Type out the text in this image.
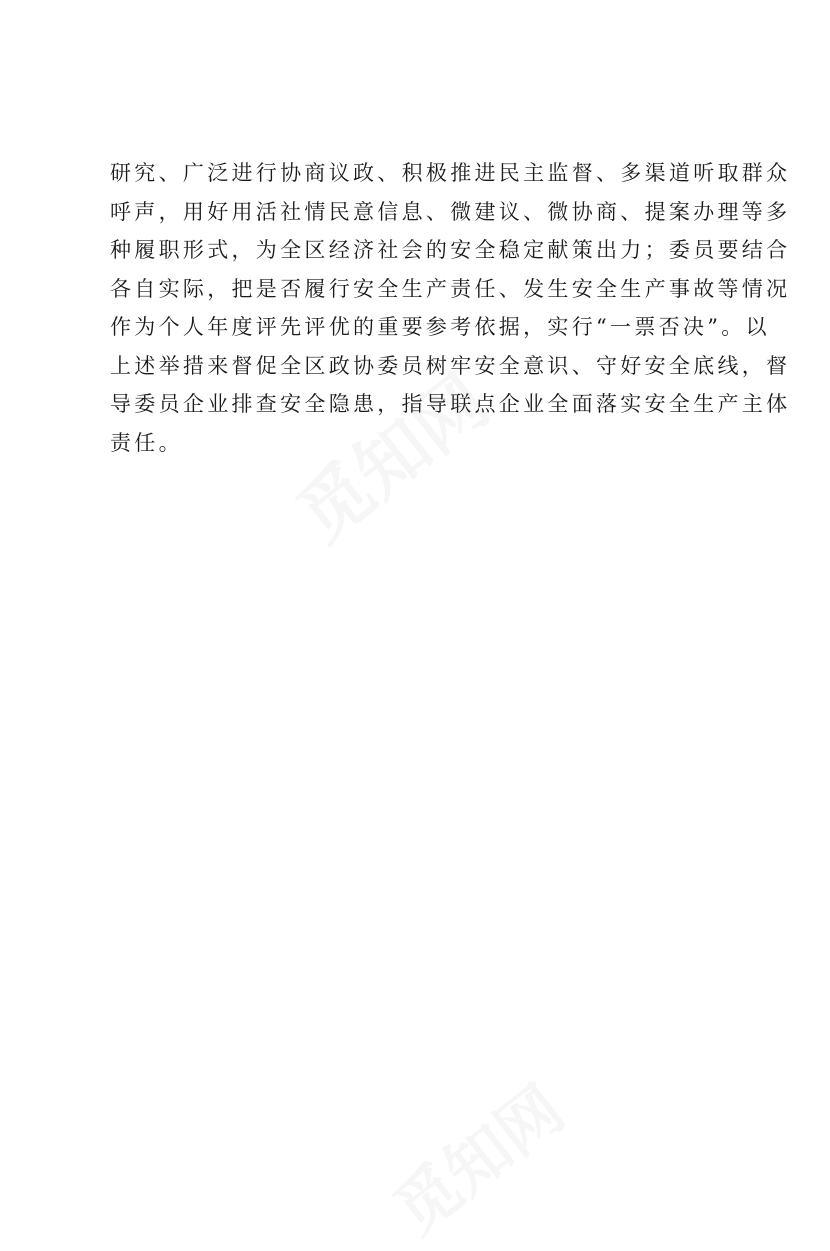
研究、广泛进行协商议政、积极推进民主监督、多渠道听取群众
呼声，用好用活社情民意信息、微建议、微协商、提案办理等多
种履职形式，为全区经济社会的安全稳定献策出力；委员要结合
各自实际，把是否履行安全生产责任、发生安全生产事故等情况
作为个人年度评先评优的重要参考依据，实行“一票否决”。以
上述举措来督促全区政协委员树牢安全意识、守好安全底线，督
导委员企业排查安全隐患，指导联点企业全面落实安全生产主体
责任。
